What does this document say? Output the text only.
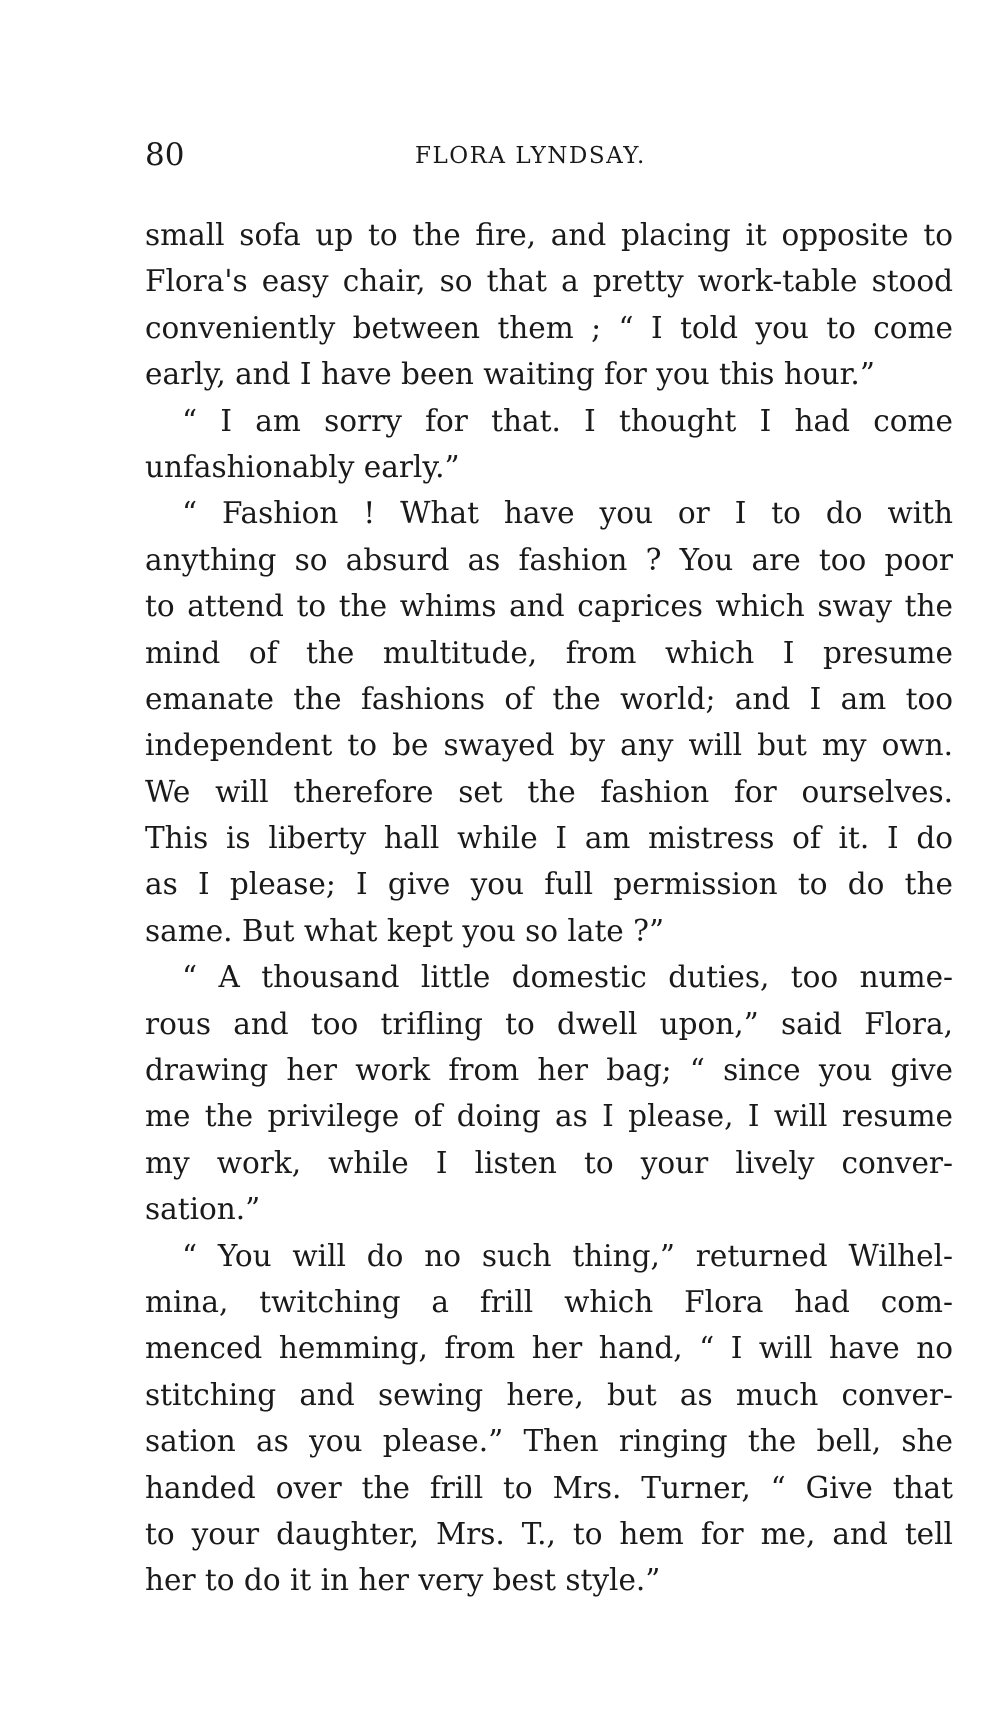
80	FLORA LYNDSAY.
small sofa up to the fire, and placing it opposite to
Flora's easy chair, so that a pretty work-table stood
conveniently between them ; “ I told you to come
early, and I have been waiting for you this hour.”
“ I am sorry for that. I thought I had come
unfashionably early.”
“ Fashion ! What have you or I to do with
anything so absurd as fashion ? You are too poor
to attend to the whims and caprices which sway the
mind of the multitude, from which I presume
emanate the fashions of the world; and I am too
independent to be swayed by any will but my own.
We will therefore set the fashion for ourselves.
This is liberty hall while I am mistress of it. I do
as I please; I give you full permission to do the
same. But what kept you so late ?”
“ A thousand little domestic duties, too nume-
rous and too trifling to dwell upon,” said Flora,
drawing her work from her bag; “ since you give
me the privilege of doing as I please, I will resume
my work, while I listen to your lively conver-
sation.”
“ You will do no such thing,” returned Wilhel-
mina, twitching a frill which Flora had com-
menced hemming, from her hand, “ I will have no
stitching and sewing here, but as much conver-
sation as you please.” Then ringing the bell, she
handed over the frill to Mrs. Turner, “ Give that
to your daughter, Mrs. T., to hem for me, and tell
her to do it in her very best style.”
